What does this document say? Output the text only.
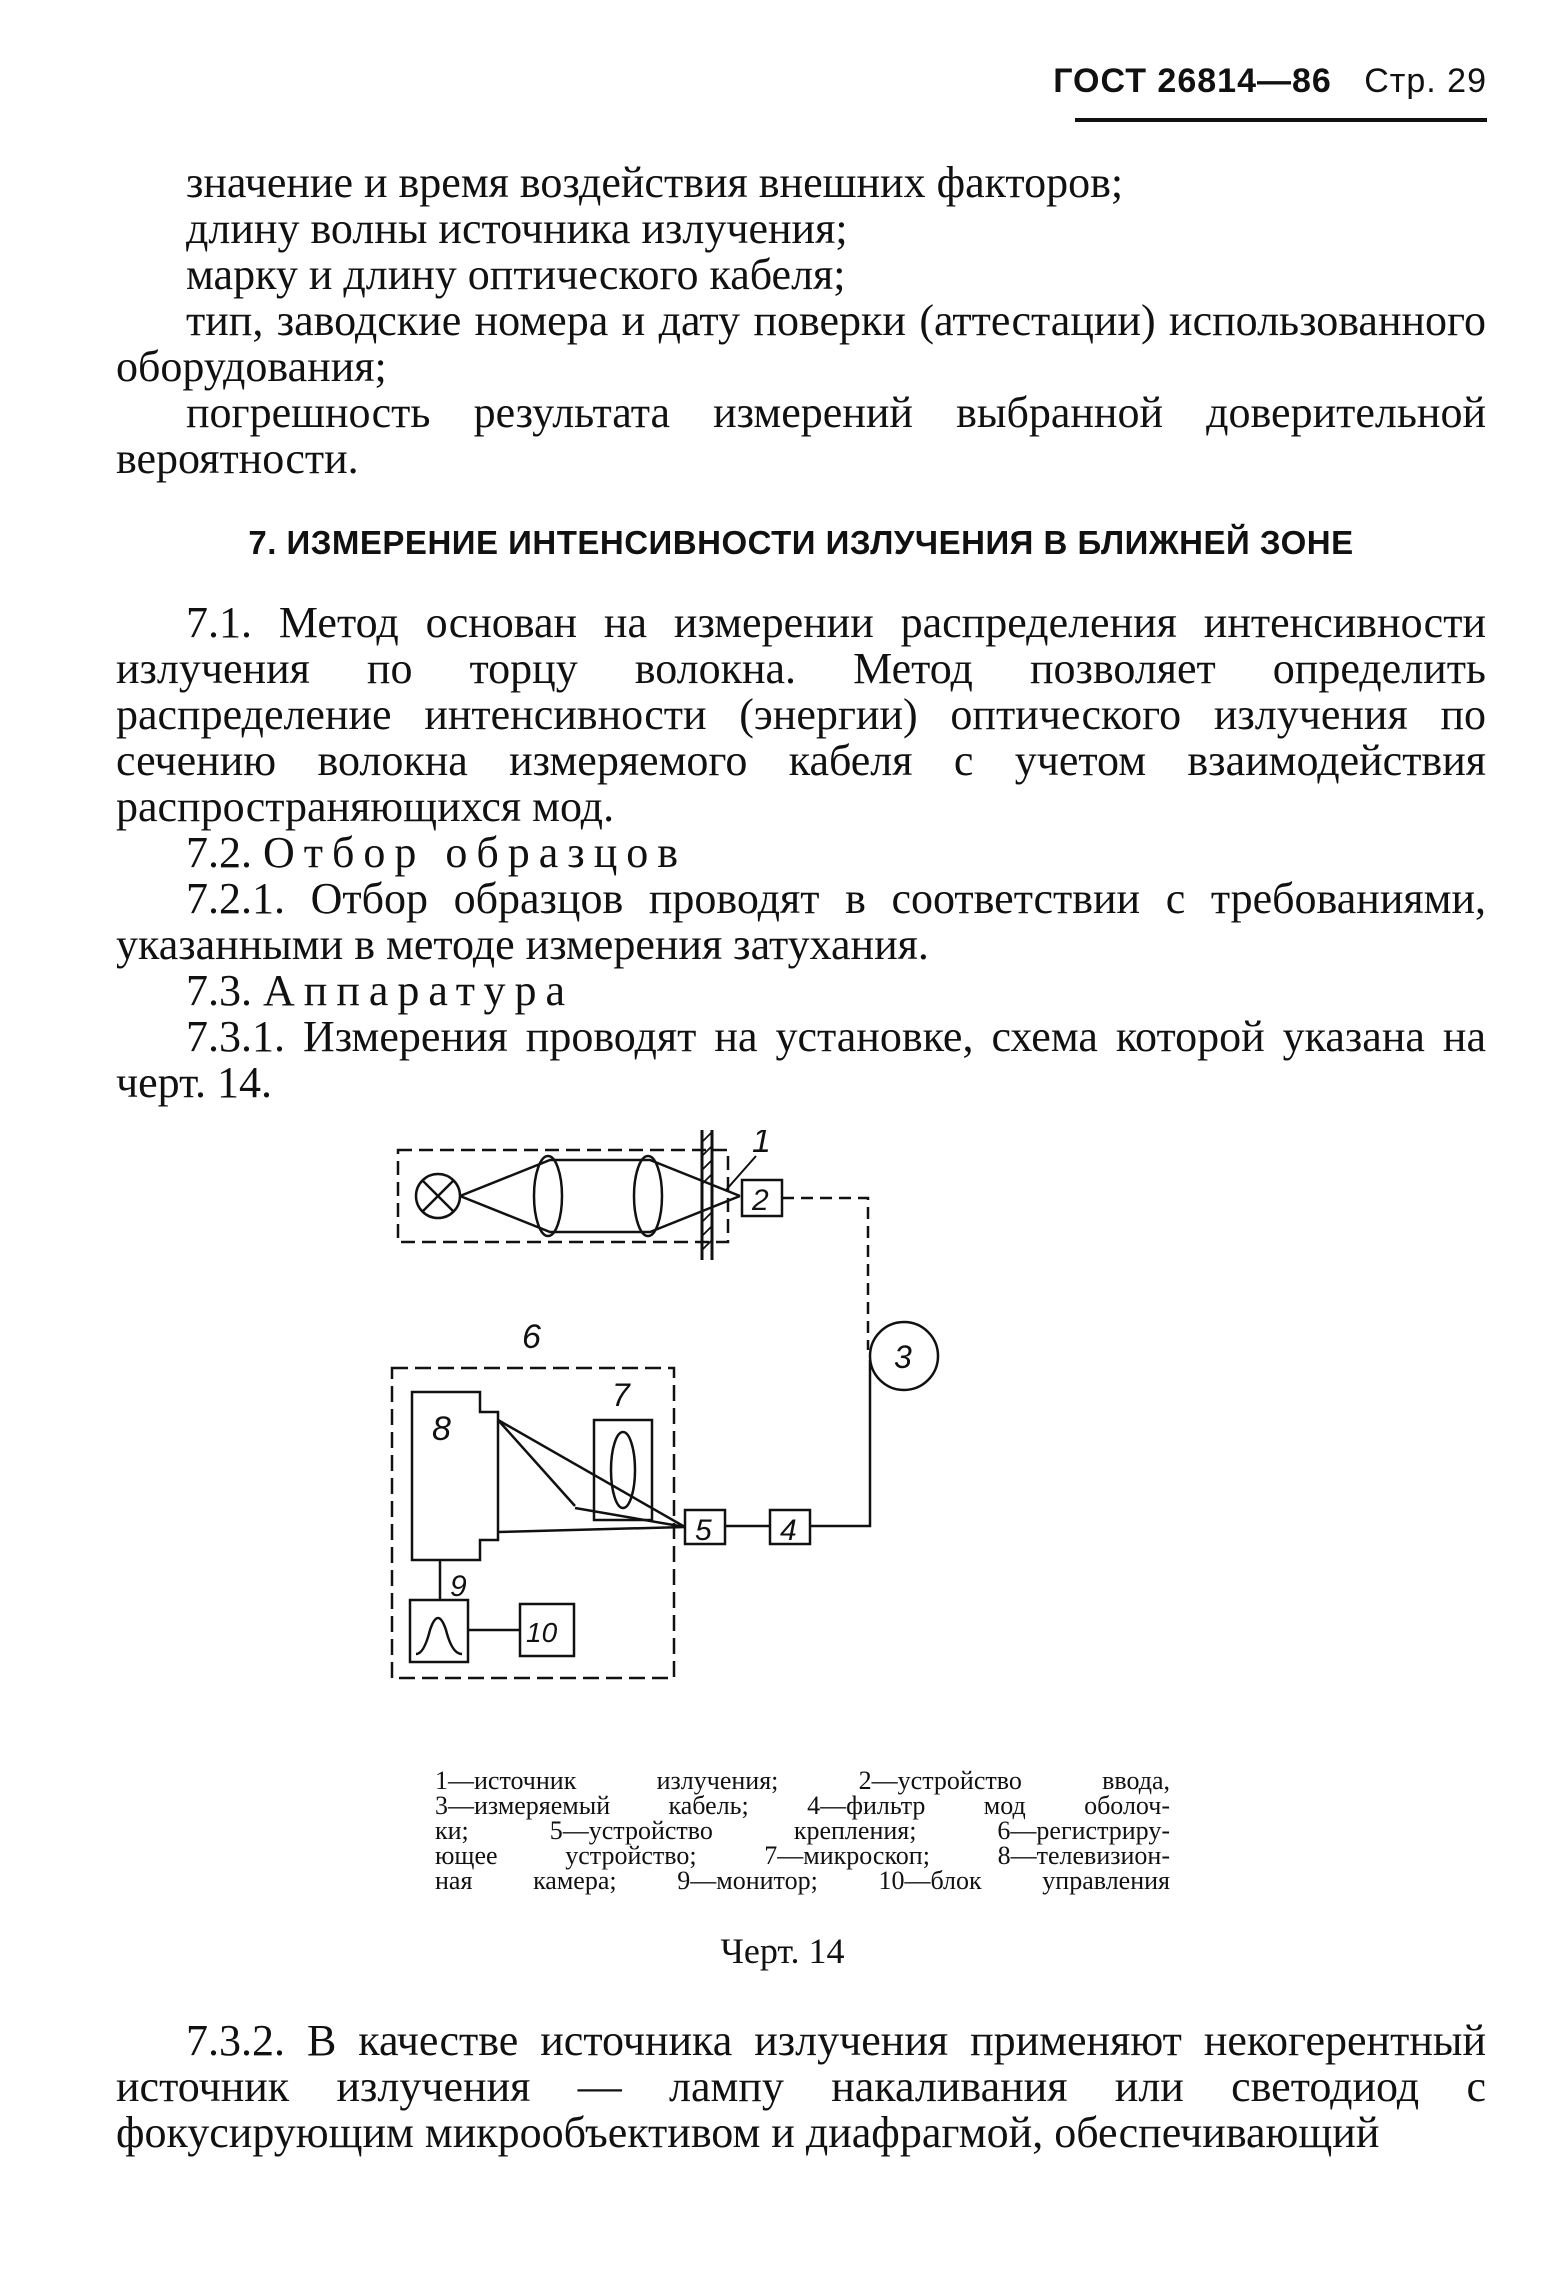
ГОСТ 26814—86 Стр. 29

значение и время воздействия внешних факторов;

длину волны источника излучения;

марку и длину оптического кабеля;

тип, заводские номера и дату поверки (аттестации) использованного оборудования;

погрешность результата измерений выбранной доверительной вероятности.

7. ИЗМЕРЕНИЕ ИНТЕНСИВНОСТИ ИЗЛУЧЕНИЯ В БЛИЖНЕЙ ЗОНЕ

7.1. Метод основан на измерении распределения интенсивности излучения по торцу волокна. Метод позволяет определить распределение интенсивности (энергии) оптического излучения по сечению волокна измеряемого кабеля с учетом взаимодействия распространяющихся мод.

7.2. Отбор образцов

7.2.1. Отбор образцов проводят в соответствии с требованиями, указанными в методе измерения затухания.

7.3. Аппаратура

7.3.1. Измерения проводят на установке, схема которой указана на черт. 14.

1
2
3
4
5
6
7
8
9
10
1—источник излучения; 2—устройство ввода,
3—измеряемый кабель; 4—фильтр мод оболоч-
ки; 5—устройство крепления; 6—регистриру-
ющее устройство; 7—микроскоп; 8—телевизион-
ная камера; 9—монитор; 10—блок управления
Черт. 14

7.3.2. В качестве источника излучения применяют некогерентный источник излучения — лампу накаливания или светодиод с фокусирующим микрообъективом и диафрагмой, обеспечивающий
